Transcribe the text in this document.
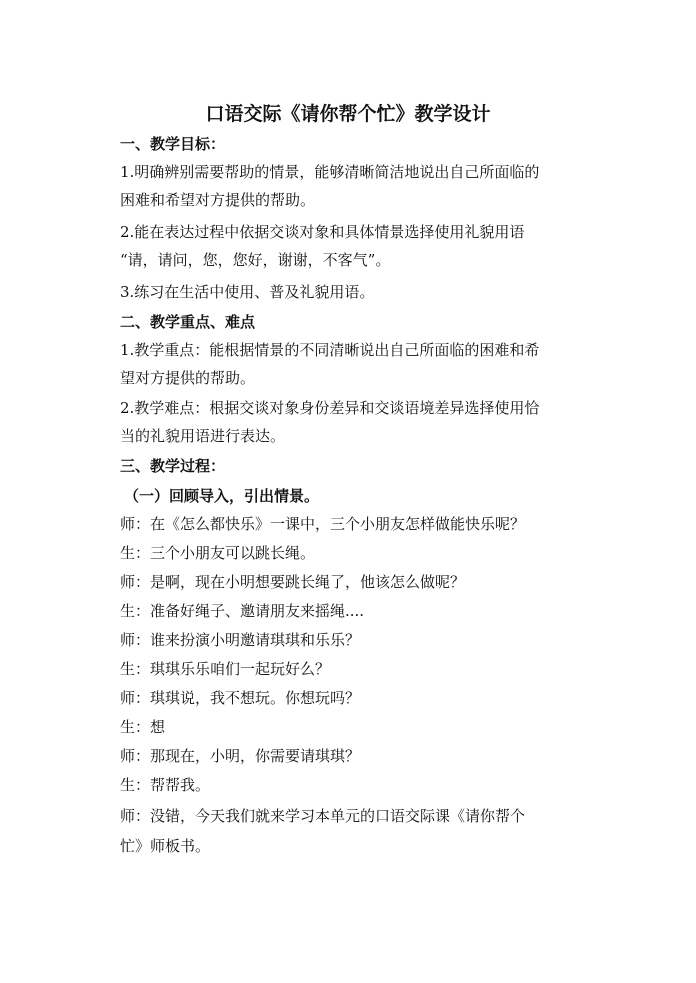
口语交际《请你帮个忙》教学设计
一、教学目标：
1.明确辨别需要帮助的情景，能够清晰简洁地说出自己所面临的
困难和希望对方提供的帮助。
2.能在表达过程中依据交谈对象和具体情景选择使用礼貌用语
“请，请问，您，您好，谢谢，不客气”。
3.练习在生活中使用、普及礼貌用语。
二、教学重点、难点
1.教学重点：能根据情景的不同清晰说出自己所面临的困难和希
望对方提供的帮助。
2.教学难点：根据交谈对象身份差异和交谈语境差异选择使用恰
当的礼貌用语进行表达。
三、教学过程：
（一）回顾导入，引出情景。
师：在《怎么都快乐》一课中，三个小朋友怎样做能快乐呢？
生：三个小朋友可以跳长绳。
师：是啊，现在小明想要跳长绳了，他该怎么做呢？
生：准备好绳子、邀请朋友来摇绳....
师：谁来扮演小明邀请琪琪和乐乐？
生：琪琪乐乐咱们一起玩好么？
师：琪琪说，我不想玩。你想玩吗？
生：想
师：那现在，小明，你需要请琪琪？
生：帮帮我。
师：没错，今天我们就来学习本单元的口语交际课《请你帮个
忙》师板书。
